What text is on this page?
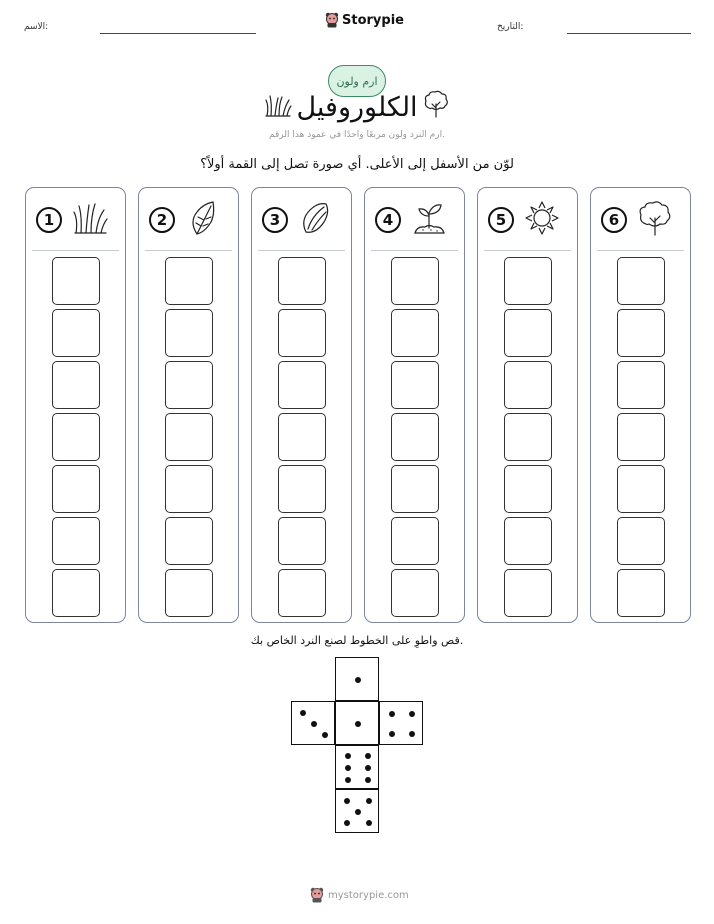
الاسم:	Storypie	التاريخ:
ارم ولون
الكلوروفيل
ارم النرد ولون مربعًا واحدًا في عمود هذا الرقم.
لوّن من الأسفل إلى الأعلى. أي صورة تصل إلى القمة أولاً؟
1	2	3	4	5	6
قص واطوِ على الخطوط لصنع النرد الخاص بك.
mystorypie.com
